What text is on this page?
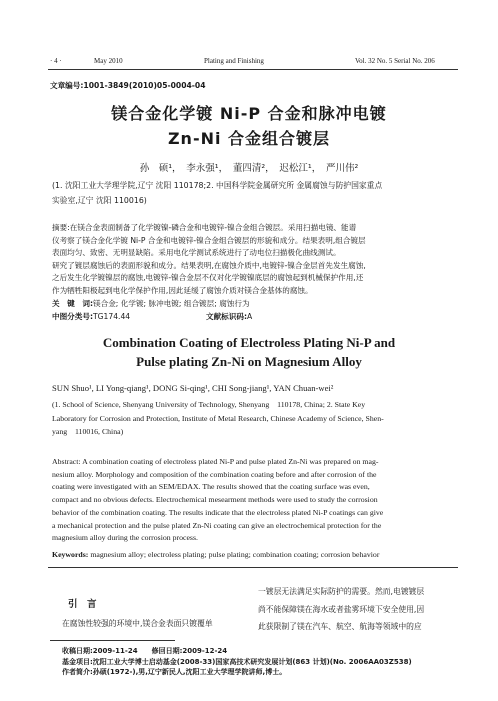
· 4 ·	May 2010	Plating and Finishing	Vol. 32 No. 5 Serial No. 206
文章编号:1001-3849(2010)05-0004-04
镁合金化学镀 Ni-P 合金和脉冲电镀
Zn-Ni 合金组合镀层
孙　硕¹，　李永强¹，　董四清²，　迟松江¹，　严川伟²
(1. 沈阳工业大学理学院,辽宁 沈阳 110178;2. 中国科学院金属研究所 金属腐蚀与防护国家重点
实验室,辽宁 沈阳 110016)
摘要:在镁合金表面制备了化学镀镍-磷合金和电镀锌-镍合金组合镀层。采用扫描电镜、能谱
仪考察了镁合金化学镀 Ni-P 合金和电镀锌-镍合金组合镀层的形貌和成分。结果表明,组合镀层
表面均匀、致密、无明显缺陷。采用电化学测试系统进行了动电位扫描极化曲线测试。
研究了镀层腐蚀后的表面形貌和成分。结果表明,在腐蚀介质中,电镀锌-镍合金层首先发生腐蚀,
之后发生化学镀镍层的腐蚀,电镀锌-镍合金层不仅对化学镀镍底层的腐蚀起到机械保护作用,还
作为牺牲阳极起到电化学保护作用,因此延缓了腐蚀介质对镁合金基体的腐蚀。
关　键　词:镁合金; 化学镀; 脉冲电镀; 组合镀层; 腐蚀行为
中图分类号:TG174.44	文献标识码:A
Combination Coating of Electroless Plating Ni-P and
Pulse plating Zn-Ni on Magnesium Alloy
SUN Shuo¹, LI Yong-qiang¹, DONG Si-qing¹, CHI Song-jiang¹, YAN Chuan-wei²
(1. School of Science, Shenyang University of Technology, Shenyang　110178, China; 2. State Key
Laboratory for Corrosion and Protection, Institute of Metal Research, Chinese Academy of Science, Shen-
yang　110016, China)
Abstract: A combination coating of electroless plated Ni-P and pulse plated Zn-Ni was prepared on mag-
nesium alloy. Morphology and composition of the combination coating before and after corrosion of the
coating were investigated with an SEM/EDAX. The results showed that the coating surface was even,
compact and no obvious defects. Electrochemical mesearment methods were used to study the corrosion
behavior of the combination coating. The results indicate that the electroless plated Ni-P coatings can give
a mechanical protection and the pulse plated Zn-Ni coating can give an electrochemical protection for the
magnesium alloy during the corrosion process.
Keywords: magnesium alloy; electroless plating; pulse plating; combination coating; corrosion behavior
引　言
在腐蚀性较强的环境中,镁合金表面只镀覆单
一镀层无法满足实际防护的需要。然而,电镀镀层
尚不能保障镁在海水或者盐雾环境下安全使用,因
此获限制了镁在汽车、航空、航海等领域中的应
收稿日期:2009-11-24　　修回日期:2009-12-24
基金项目:沈阳工业大学博士启动基金(2008-33)国家高技术研究发展计划(863 计划)(No. 2006AA03Z538)
作者简介:孙硕(1972-),男,辽宁新民人,沈阳工业大学理学院讲师,博士。
